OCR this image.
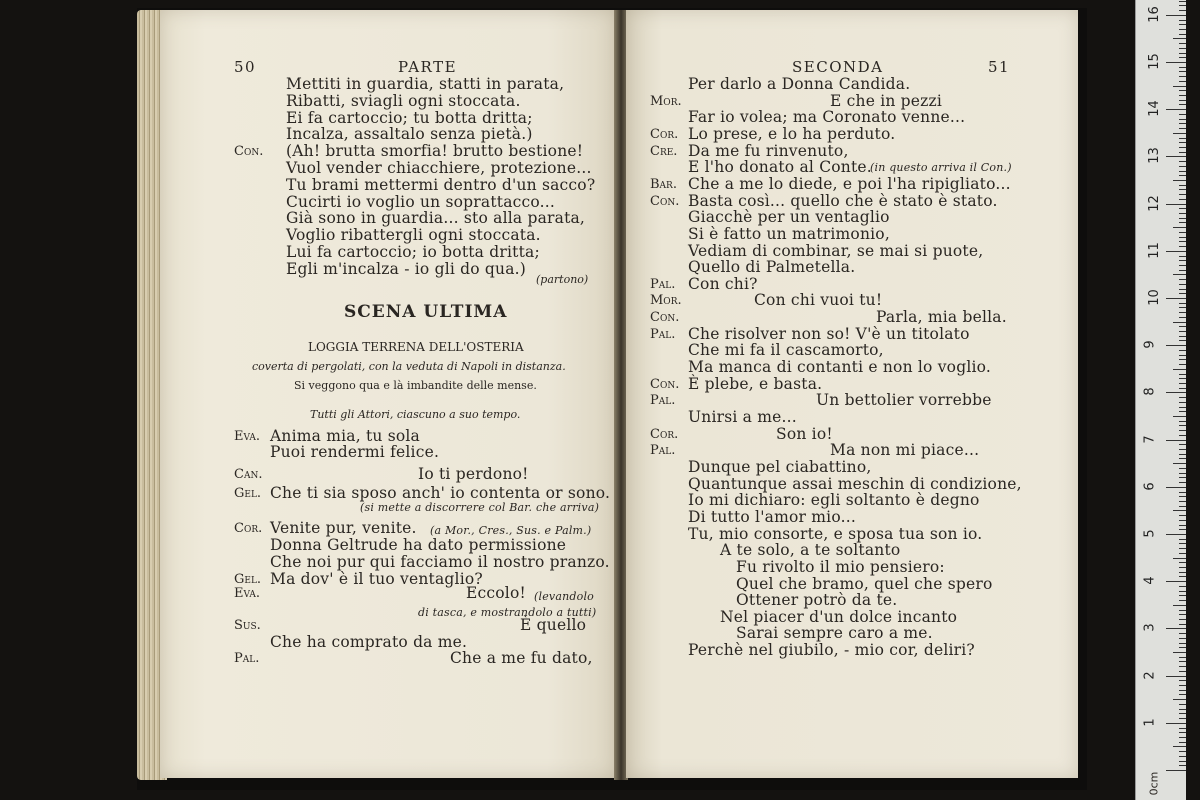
50	PARTE
Mettiti in guardia, statti in parata,
Ribatti, sviagli ogni stoccata.
Ei fa cartoccio; tu botta dritta;
Incalza, assaltalo senza pietà.)
Con. (Ah! brutta smorfia! brutto bestione!
Vuol vender chiacchiere, protezione...
Tu brami mettermi dentro d'un sacco?
Cucirti io voglio un soprattacco...
Già sono in guardia... sto alla parata,
Voglio ribattergli ogni stoccata.
Lui fa cartoccio; io botta dritta;
Egli m'incalza - io gli do qua.)
(partono)
SCENA ULTIMA
LOGGIA TERRENA DELL'OSTERIA
coverta di pergolati, con la veduta di Napoli in distanza.
Si veggono qua e là imbandite delle mense.
Tutti gli Attori, ciascuno a suo tempo.
Eva. Anima mia, tu sola
Puoi rendermi felice.
Can.	Io ti perdono!
Gel. Che ti sia sposo anch' io contenta or sono.
(si mette a discorrere col Bar. che arriva)
Cor. Venite pur, venite. (a Mor., Cres., Sus. e Palm.)
Donna Geltrude ha dato permissione
Che noi pur qui facciamo il nostro pranzo.
Gel. Ma dov' è il tuo ventaglio?
Eva.	Eccolo! (levandolo
di tasca, e mostrandolo a tutti)
Sus.	È quello
Che ha comprato da me.
Pal.	Che a me fu dato,
SECONDA	51
Per darlo a Donna Candida.
Mor.	E che in pezzi
Far io volea; ma Coronato venne...
Cor. Lo prese, e lo ha perduto.
Cre. Da me fu rinvenuto,
E l'ho donato al Conte.
(in questo arriva il Con.)
Bar. Che a me lo diede, e poi l'ha ripigliato...
Con. Basta così... quello che è stato è stato.
Giacchè per un ventaglio
Si è fatto un matrimonio,
Vediam di combinar, se mai si puote,
Quello di Palmetella.
Pal. Con chi?
Mor.	Con chi vuoi tu!
Con.	Parla, mia bella.
Pal. Che risolver non so! V'è un titolato
Che mi fa il cascamorto,
Ma manca di contanti e non lo voglio.
Con. È plebe, e basta.
Pal.	Un bettolier vorrebbe
Unirsi a me...
Cor.	Son io!
Pal.	Ma non mi piace...
Dunque pel ciabattino,
Quantunque assai meschin di condizione,
Io mi dichiaro: egli soltanto è degno
Di tutto l'amor mio...
Tu, mio consorte, e sposa tua son io.
A te solo, a te soltanto
Fu rivolto il mio pensiero:
Quel che bramo, quel che spero
Ottener potrò da te.
Nel piacer d'un dolce incanto
Sarai sempre caro a me.
Perchè nel giubilo, - mio cor, deliri?
0cm
16
15
14
13
12
11
10
9
8
7
6
5
4
3
2
1
